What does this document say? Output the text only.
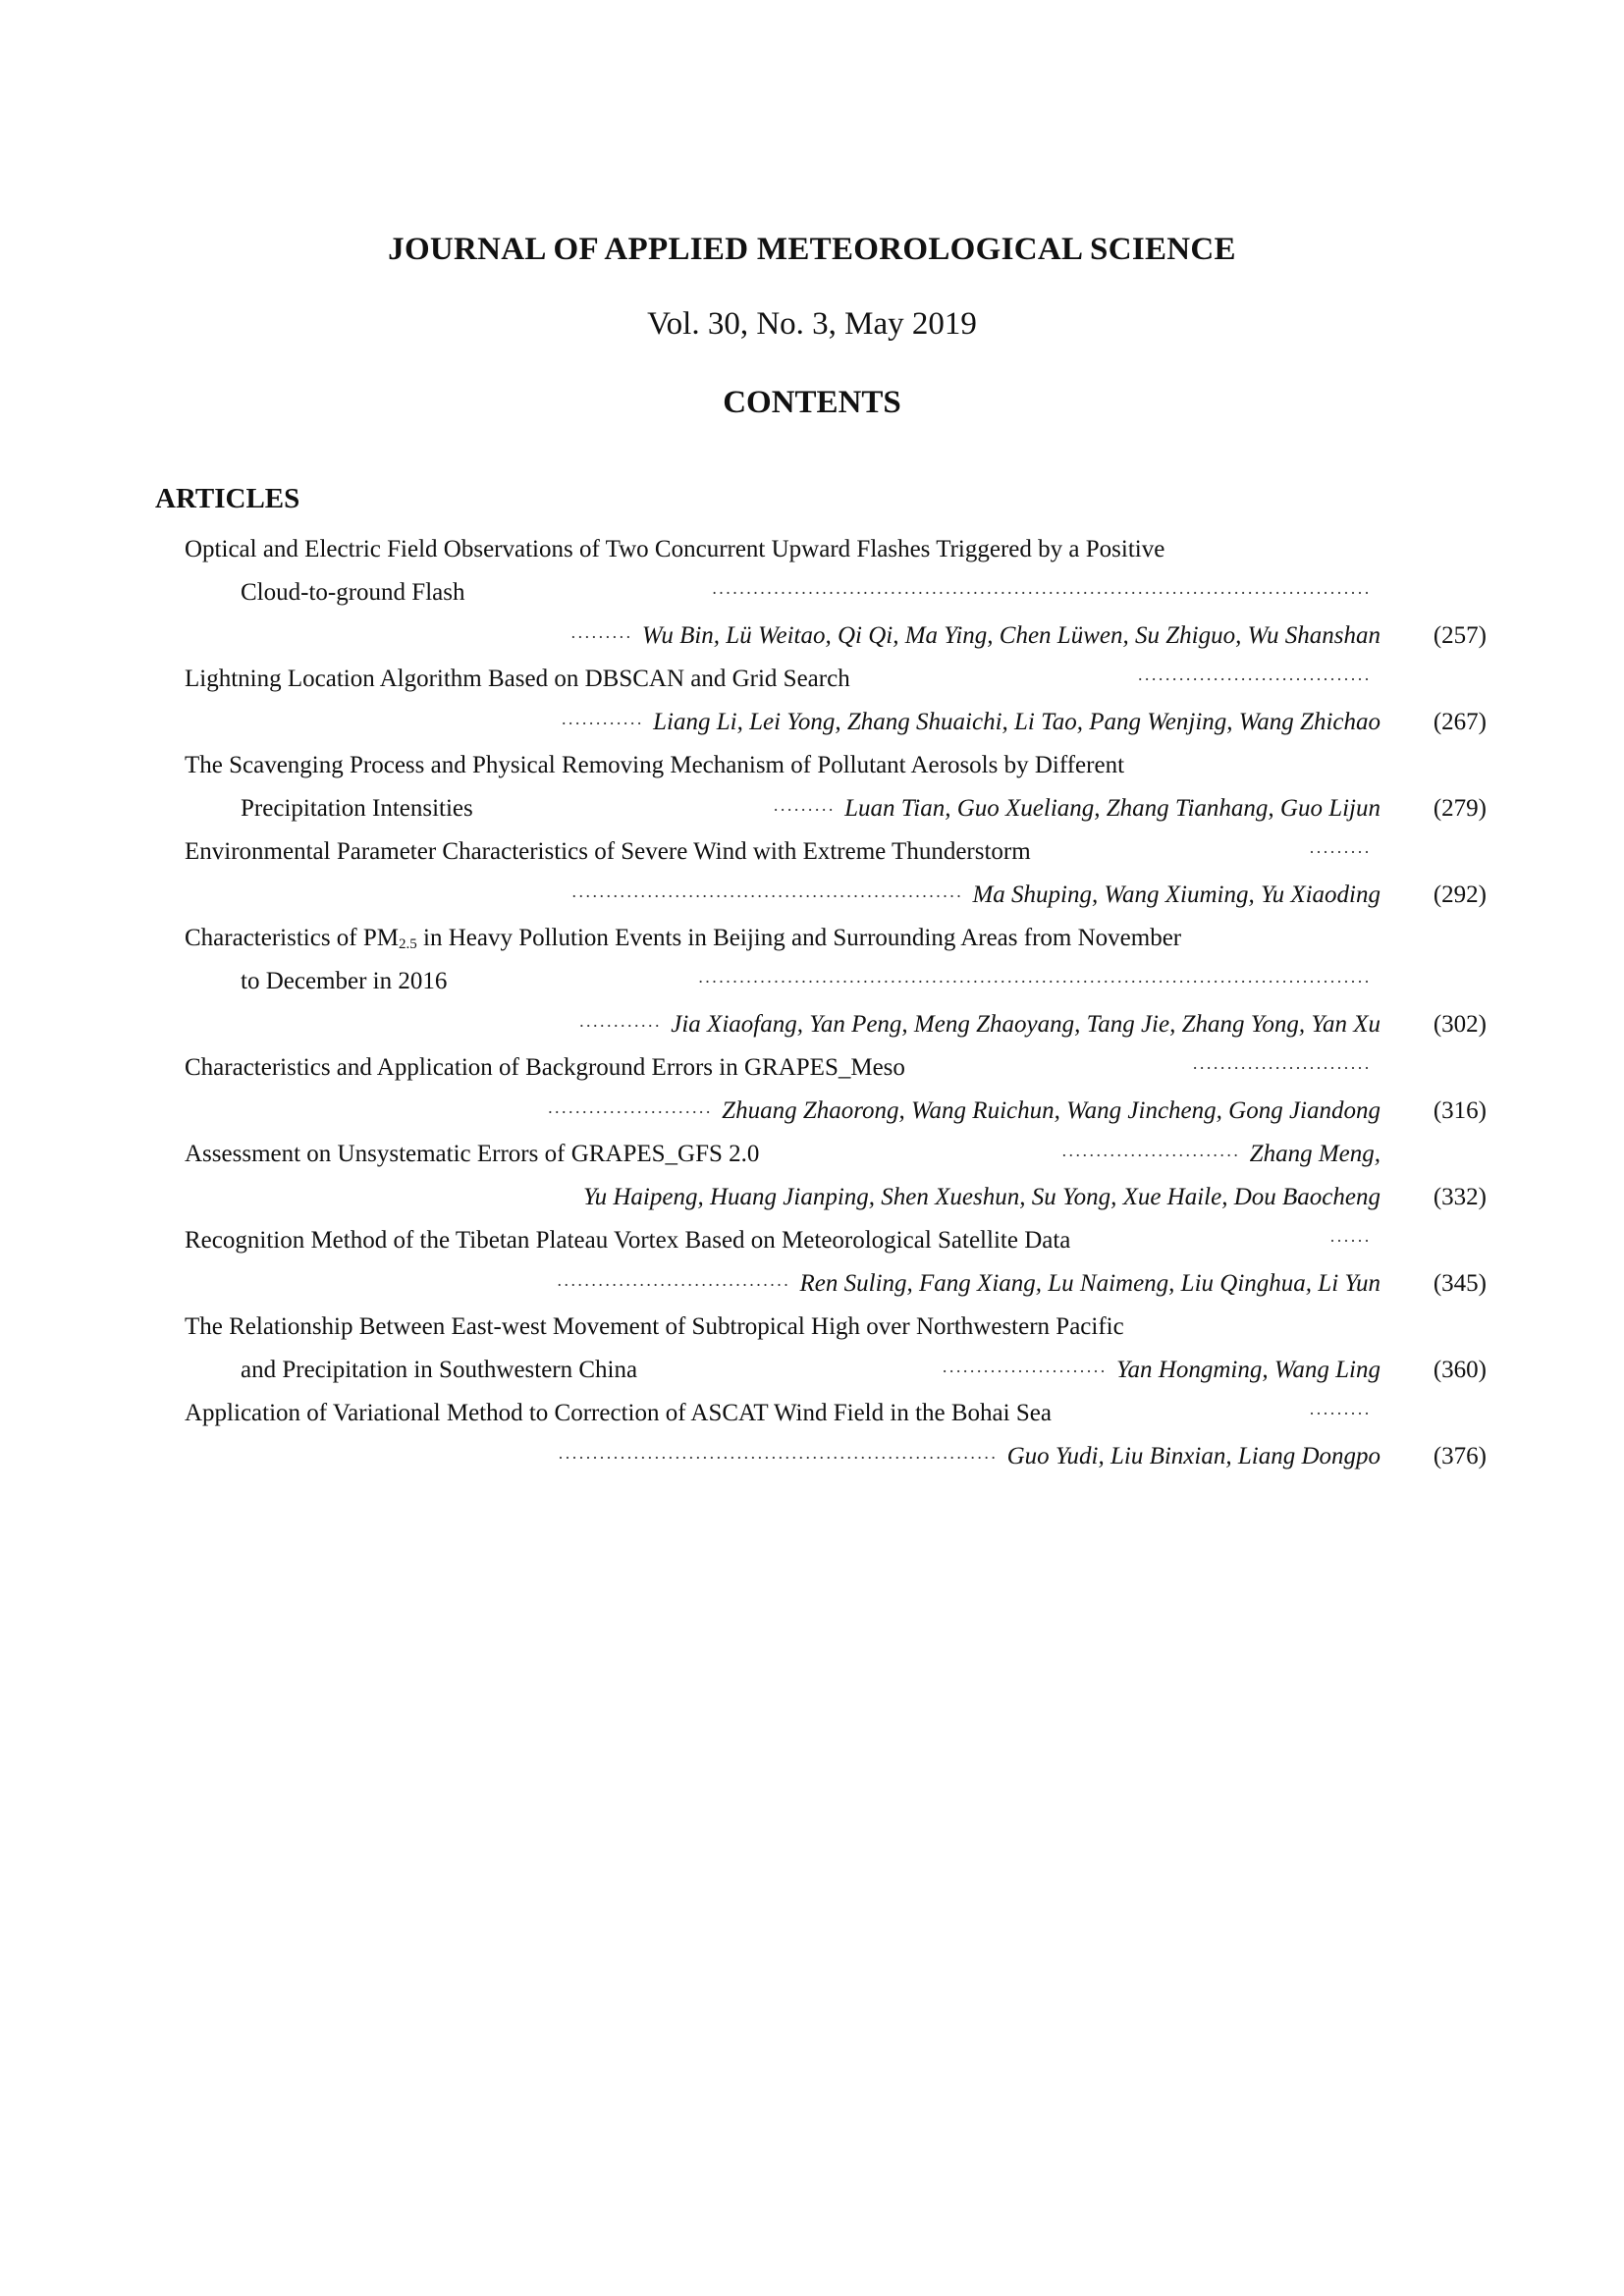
JOURNAL OF APPLIED METEOROLOGICAL SCIENCE
Vol. 30, No. 3, May 2019
CONTENTS
ARTICLES
Optical and Electric Field Observations of Two Concurrent Upward Flashes Triggered by a Positive
Cloud-to-ground Flash	································································································
········· Wu Bin, Lü Weitao, Qi Qi, Ma Ying, Chen Lüwen, Su Zhiguo, Wu Shanshan	(257)
Lightning Location Algorithm Based on DBSCAN and Grid Search	··································
············ Liang Li, Lei Yong, Zhang Shuaichi, Li Tao, Pang Wenjing, Wang Zhichao	(267)
The Scavenging Process and Physical Removing Mechanism of Pollutant Aerosols by Different
Precipitation Intensities	········· Luan Tian, Guo Xueliang, Zhang Tianhang, Guo Lijun	(279)
Environmental Parameter Characteristics of Severe Wind with Extreme Thunderstorm	·········
························································· Ma Shuping, Wang Xiuming, Yu Xiaoding	(292)
Characteristics of $PM_{2.5}$ in Heavy Pollution Events in Beijing and Surrounding Areas from November
to December in 2016	··································································································
············ Jia Xiaofang, Yan Peng, Meng Zhaoyang, Tang Jie, Zhang Yong, Yan Xu	(302)
Characteristics and Application of Background Errors in GRAPES_Meso	··························
························ Zhuang Zhaorong, Wang Ruichun, Wang Jincheng, Gong Jiandong	(316)
Assessment on Unsystematic Errors of GRAPES_GFS 2.0	·························· Zhang Meng,
Yu Haipeng, Huang Jianping, Shen Xueshun, Su Yong, Xue Haile, Dou Baocheng	(332)
Recognition Method of the Tibetan Plateau Vortex Based on Meteorological Satellite Data	······
·································· Ren Suling, Fang Xiang, Lu Naimeng, Liu Qinghua, Li Yun	(345)
The Relationship Between East-west Movement of Subtropical High over Northwestern Pacific
and Precipitation in Southwestern China	························ Yan Hongming, Wang Ling	(360)
Application of Variational Method to Correction of ASCAT Wind Field in the Bohai Sea	·········
································································ Guo Yudi, Liu Binxian, Liang Dongpo	(376)
